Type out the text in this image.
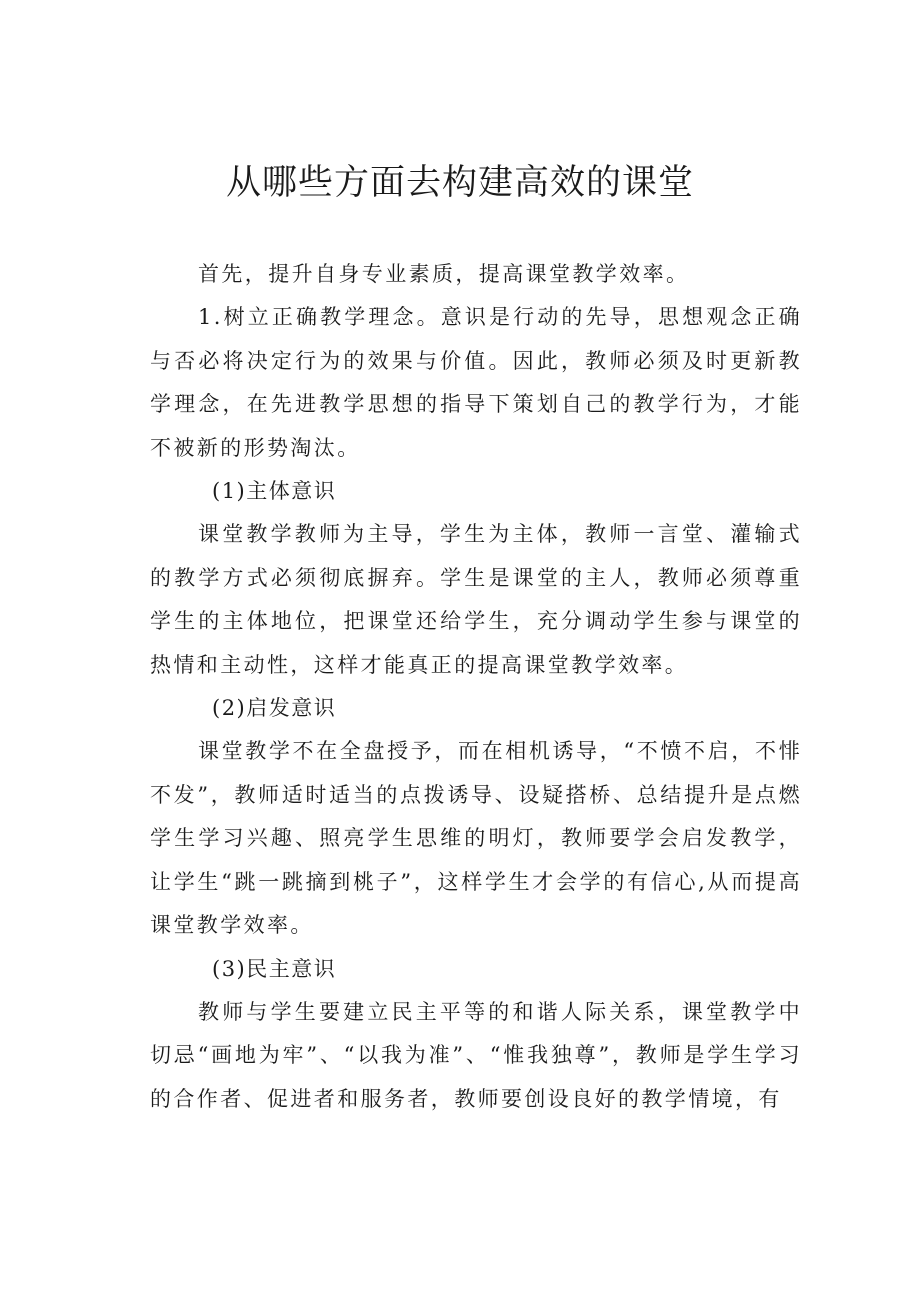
从哪些方面去构建高效的课堂

首先，提升自身专业素质，提高课堂教学效率。

1.树立正确教学理念。意识是行动的先导，思想观念正确与否必将决定行为的效果与价值。因此，教师必须及时更新教学理念，在先进教学思想的指导下策划自己的教学行为，才能不被新的形势淘汰。

(1)主体意识

课堂教学教师为主导，学生为主体，教师一言堂、灌输式的教学方式必须彻底摒弃。学生是课堂的主人，教师必须尊重学生的主体地位，把课堂还给学生，充分调动学生参与课堂的热情和主动性，这样才能真正的提高课堂教学效率。

(2)启发意识

课堂教学不在全盘授予，而在相机诱导，“不愤不启，不悱不发”，教师适时适当的点拨诱导、设疑搭桥、总结提升是点燃学生学习兴趣、照亮学生思维的明灯，教师要学会启发教学，让学生“跳一跳摘到桃子”，这样学生才会学的有信心,从而提高课堂教学效率。

(3)民主意识

教师与学生要建立民主平等的和谐人际关系，课堂教学中切忌“画地为牢”、“以我为准”、“惟我独尊”，教师是学生学习的合作者、促进者和服务者，教师要创设良好的教学情境，有
